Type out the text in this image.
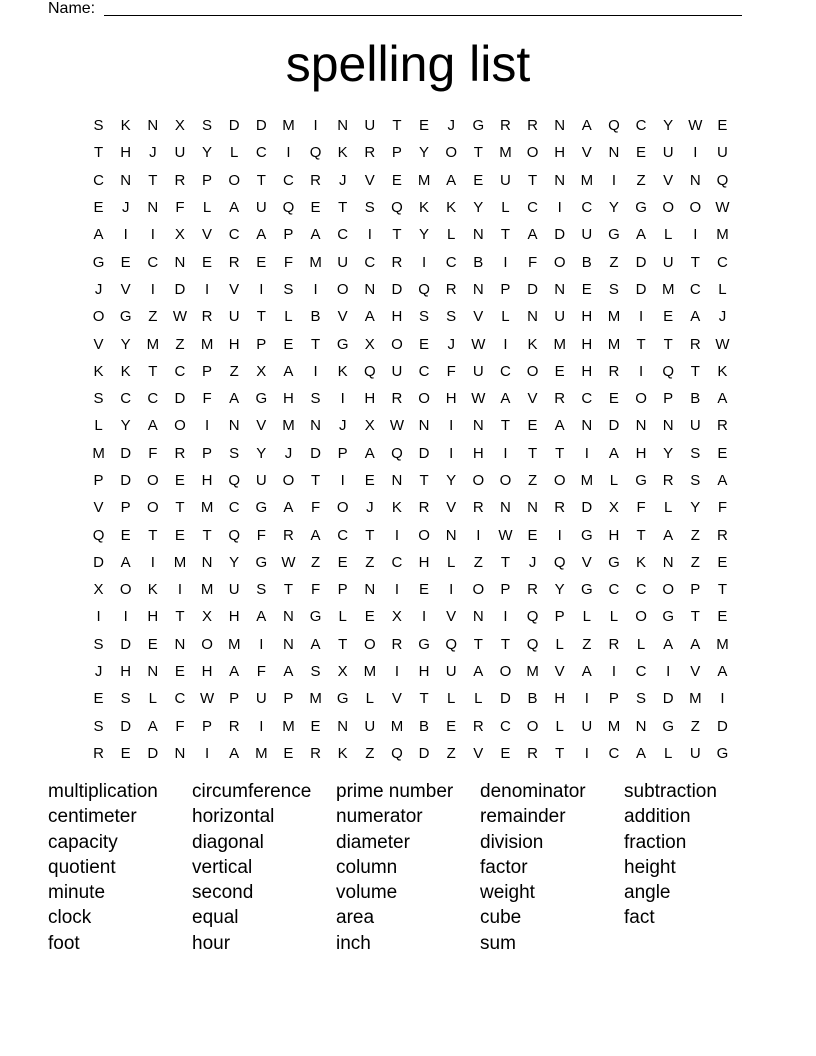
Name:
spelling list
S	K	N	X	S	D	D	M	I	N	U	T	E	J	G	R	R	N	A	Q	C	Y	W	E
T	H	J	U	Y	L	C	I	Q	K	R	P	Y	O	T	M	O	H	V	N	E	U	I	U
C	N	T	R	P	O	T	C	R	J	V	E	M	A	E	U	T	N	M	I	Z	V	N	Q
E	J	N	F	L	A	U	Q	E	T	S	Q	K	K	Y	L	C	I	C	Y	G	O	O W
A	I	I	X	V	C	A	P	A	C	I	T	Y	L	N	T	A	D	U	G	A	L	I	M
G	E	C	N	E	R	E	F	M	U	C	R	I	C	B	I	F	O	B	Z	D	U	T	C
J	V	I	D	I	V	I	S	I	O	N	D	Q	R	N	P	D	N	E	S	D	M	C	L
O	G	Z	W R	U	T	L	B	V	A	H	S	S	V	L	N	U	H	M	I	E	A	J
V	Y	M	Z	M	H	P	E	T	G	X	O	E	J	W	I	K	M	H	M	T	T	R W
K	K	T	C	P	Z	X	A	I	K	Q	U	C	F	U	C	O	E	H	R	I	Q	T	K
S	C	C	D	F	A	G	H	S	I	H	R	O	H W	A	V	R	C	E	O	P	B	A
L	Y	A	O	I	N	V	M	N	J	X	W N	I	N	T	E	A	N	D	N	N	U	R
M	D	F	R	P	S	Y	J	D	P	A	Q	D	I	H	I	T	T	I	A	H	Y	S	E
P	D	O	E	H	Q	U	O	T	I	E	N	T	Y	O	O	Z	O	M	L	G	R	S	A
V	P	O	T	M	C	G	A	F	O	J	K	R	V	R	N	N	R	D	X	F	L	Y	F
Q	E	T	E	T	Q	F	R	A	C	T	I	O	N	I	W	E	I	G	H	T	A	Z	R
D	A	I	M	N	Y	G W	Z	E	Z	C	H	L	Z	T	J	Q	V	G	K	N	Z	E
X	O	K	I	M	U	S	T	F	P	N	I	E	I	O	P	R	Y	G	C	C	O	P	T
I	I	H	T	X	H	A	N	G	L	E	X	I	V	N	I	Q	P	L	L	O	G	T	E
S	D	E	N	O	M	I	N	A	T	O	R	G	Q	T	T	Q	L	Z	R	L	A	A	M
J	H	N	E	H	A	F	A	S	X	M	I	H	U	A	O	M	V	A	I	C	I	V	A
E	S	L	C W	P	U	P	M	G	L	V	T	L	L	D	B	H	I	P	S	D	M	I
S	D	A	F	P	R	I	M	E	N	U	M	B	E	R	C	O	L	U	M	N	G	Z	D
R	E	D	N	I	A	M	E	R	K	Z	Q	D	Z	V	E	R	T	I	C	A	L	U	G
multiplication	circumference	prime number	denominator	subtraction
centimeter	horizontal	numerator	remainder	addition
capacity	diagonal	diameter	division	fraction
quotient	vertical	column	factor	height
minute	second	volume	weight	angle
clock	equal	area	cube	fact
foot	hour	inch	sum
